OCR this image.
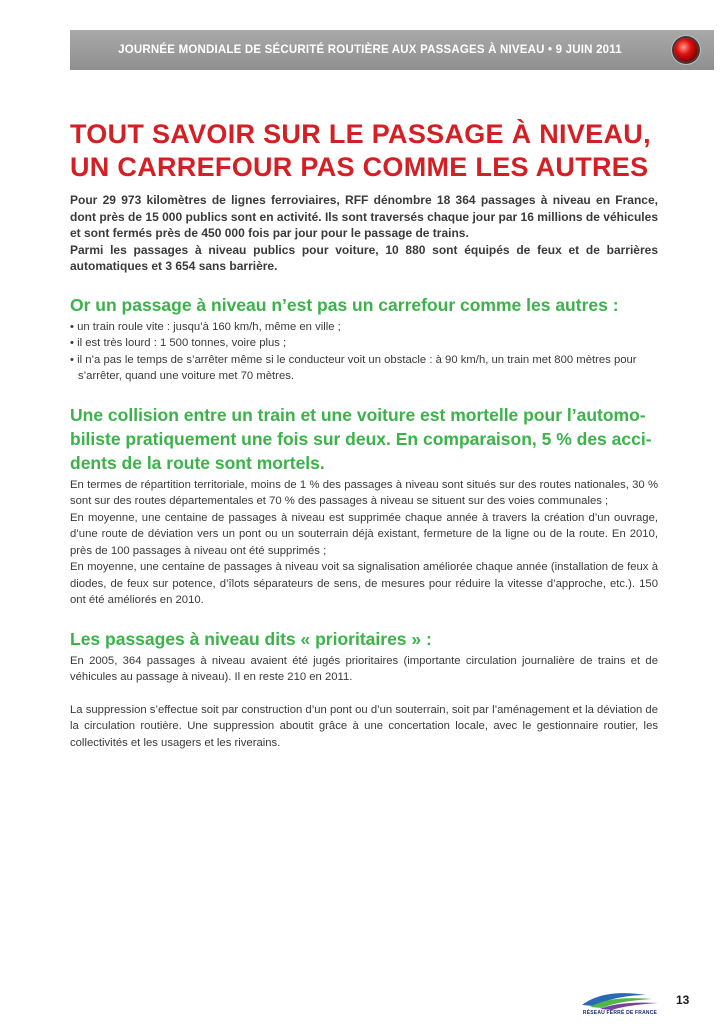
JOURNÉE MONDIALE DE SÉCURITÉ ROUTIÈRE AUX PASSAGES À NIVEAU • 9 JUIN 2011
TOUT SAVOIR SUR LE PASSAGE À NIVEAU,
UN CARREFOUR PAS COMME LES AUTRES

Pour 29 973 kilomètres de lignes ferroviaires, RFF dénombre 18 364 passages à niveau en France, dont près de 15 000 publics sont en activité. Ils sont traversés chaque jour par 16 millions de véhicules et sont fermés près de 450 000 fois par jour pour le passage de trains.
Parmi les passages à niveau publics pour voiture, 10 880 sont équipés de feux et de barrières automatiques et 3 654 sans barrière.

Or un passage à niveau n’est pas un carrefour comme les autres :
• un train roule vite : jusqu’à 160 km/h, même en ville ;
• il est très lourd : 1 500 tonnes, voire plus ;
• il n’a pas le temps de s’arrêter même si le conducteur voit un obstacle : à 90 km/h, un train met 800 mètres pour s’arrêter, quand une voiture met 70 mètres.
Une collision entre un train et une voiture est mortelle pour l’automo-biliste pratiquement une fois sur deux. En comparaison, 5 % des acci-dents de la route sont mortels.

En termes de répartition territoriale, moins de 1 % des passages à niveau sont situés sur des routes nationales, 30 % sont sur des routes départementales et 70 % des passages à niveau se situent sur des voies communales ;

En moyenne, une centaine de passages à niveau est supprimée chaque année à travers la création d’un ouvrage, d’une route de déviation vers un pont ou un souterrain déjà existant, fermeture de la ligne ou de la route. En 2010, près de 100 passages à niveau ont été supprimés ;

En moyenne, une centaine de passages à niveau voit sa signalisation améliorée chaque année (installation de feux à diodes, de feux sur potence, d’îlots séparateurs de sens, de mesures pour réduire la vitesse d’approche, etc.). 150 ont été améliorés en 2010.

Les passages à niveau dits « prioritaires » :

En 2005, 364 passages à niveau avaient été jugés prioritaires (importante circulation journalière de trains et de véhicules au passage à niveau). Il en reste 210 en 2011.

La suppression s’effectue soit par construction d’un pont ou d’un souterrain, soit par l’aménagement et la déviation de la circulation routière. Une suppression aboutit grâce à une concertation locale, avec le gestionnaire routier, les collectivités et les usagers et les riverains.

RÉSEAU FERRÉ DE FRANCE
13
